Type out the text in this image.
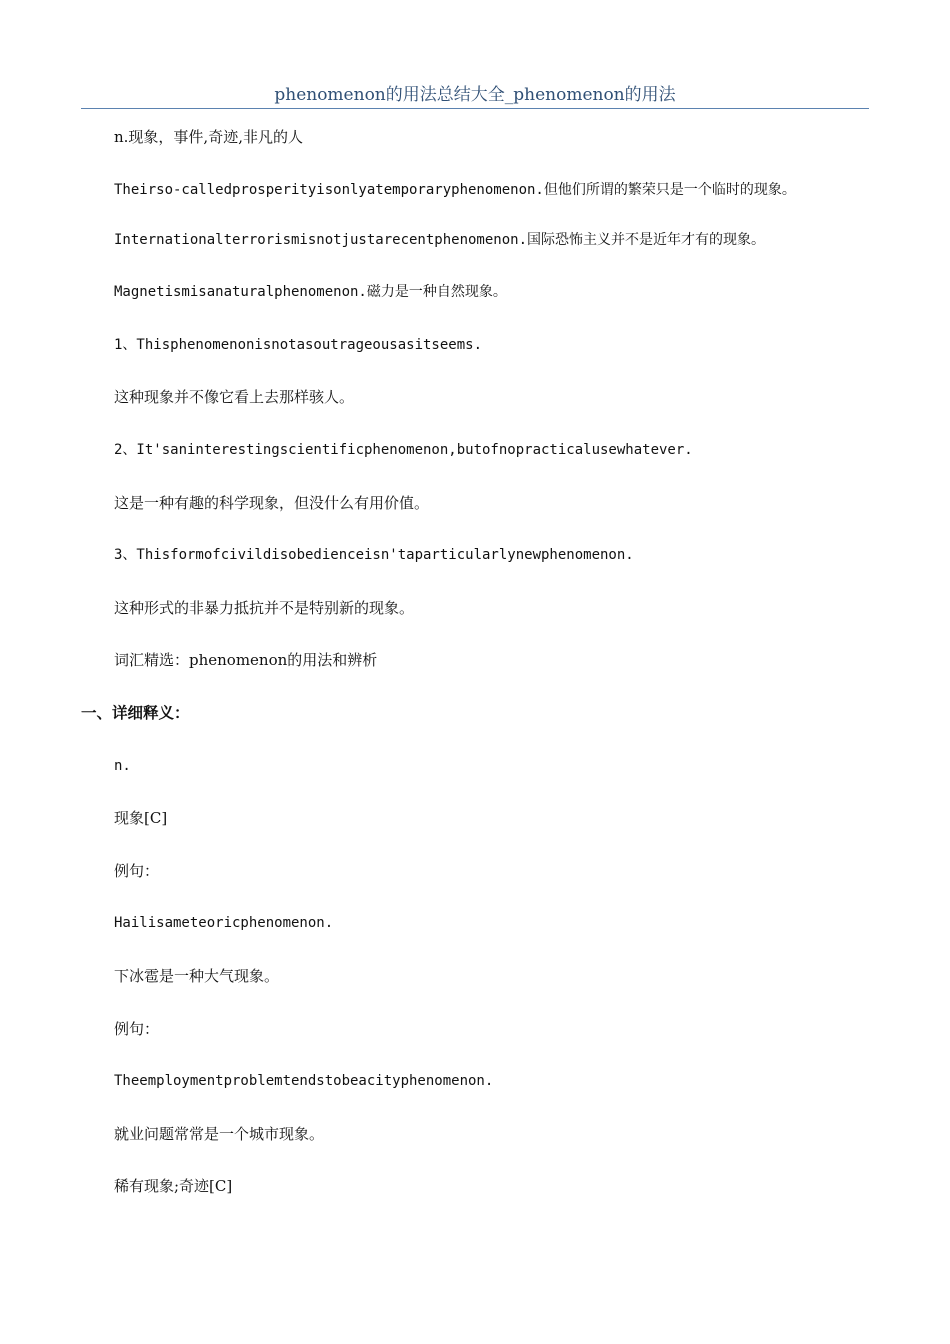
phenomenon的用法总结大全_phenomenon的用法

n.现象，事件,奇迹,非凡的人

Theirso-calledprosperityisonlyatemporaryphenomenon.但他们所谓的繁荣只是一个临时的现象。

Internationalterrorismisnotjustarecentphenomenon.国际恐怖主义并不是近年才有的现象。

Magnetismisanaturalphenomenon.磁力是一种自然现象。

1、Thisphenomenonisnotasoutrageousasitseems.

这种现象并不像它看上去那样骇人。

2、It'saninterestingscientificphenomenon,butofnopracticalusewhatever.

这是一种有趣的科学现象，但没什么有用价值。

3、Thisformofcivildisobedienceisn'taparticularlynewphenomenon.

这种形式的非暴力抵抗并不是特别新的现象。

词汇精选：phenomenon的用法和辨析

一、详细释义：

n.

现象[C]

例句：

Hailisameteoricphenomenon.

下冰雹是一种大气现象。

例句：

Theemploymentproblemtendstobeacityphenomenon.

就业问题常常是一个城市现象。

稀有现象;奇迹[C]
